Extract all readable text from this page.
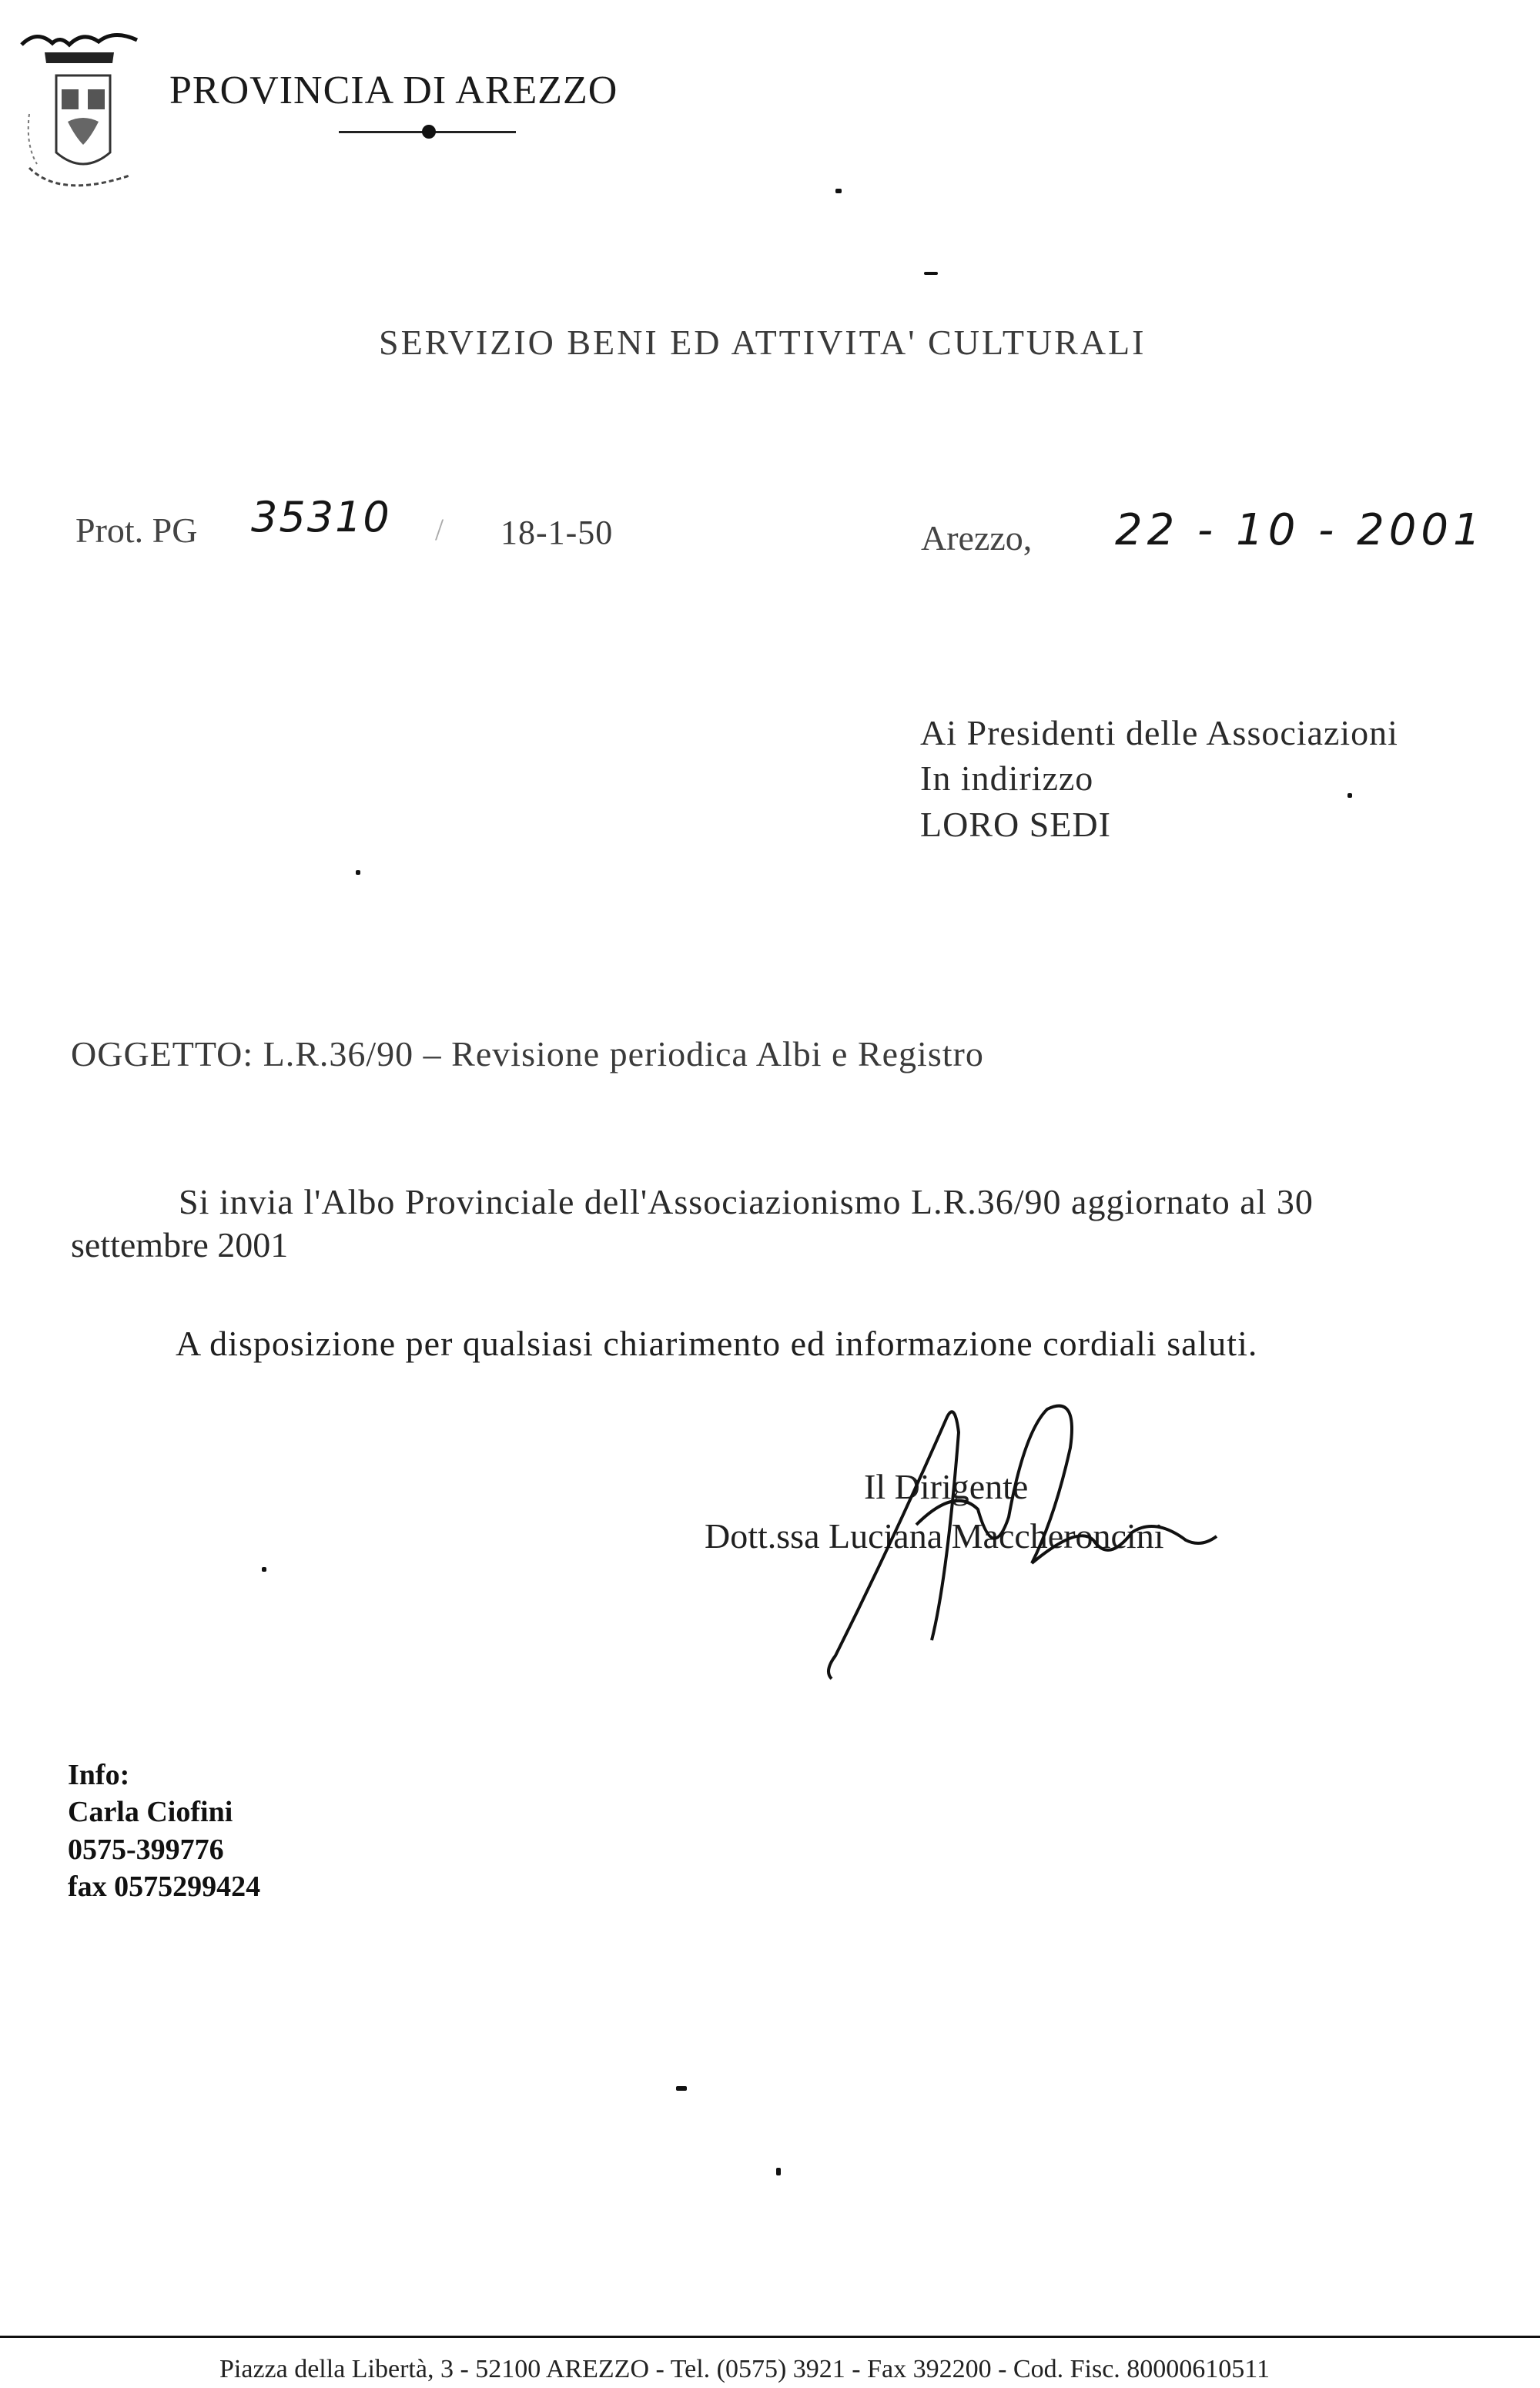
PROVINCIA DI AREZZO
SERVIZIO BENI ED ATTIVITA' CULTURALI
Prot. PG 35310 / 18-1-50	Arezzo, 22 - 10 - 2001
Ai Presidenti delle Associazioni
In indirizzo
LORO SEDI
OGGETTO: L.R.36/90 – Revisione periodica Albi e Registro
Si invia l'Albo Provinciale dell'Associazionismo L.R.36/90 aggiornato al 30
settembre 2001
A disposizione per qualsiasi chiarimento ed informazione cordiali saluti.
Il Dirigente
Dott.ssa Luciana Maccheroncini
Info:
Carla Ciofini
0575-399776
fax 0575299424
Piazza della Libertà, 3 - 52100 AREZZO - Tel. (0575) 3921 - Fax 392200 - Cod. Fisc. 80000610511
